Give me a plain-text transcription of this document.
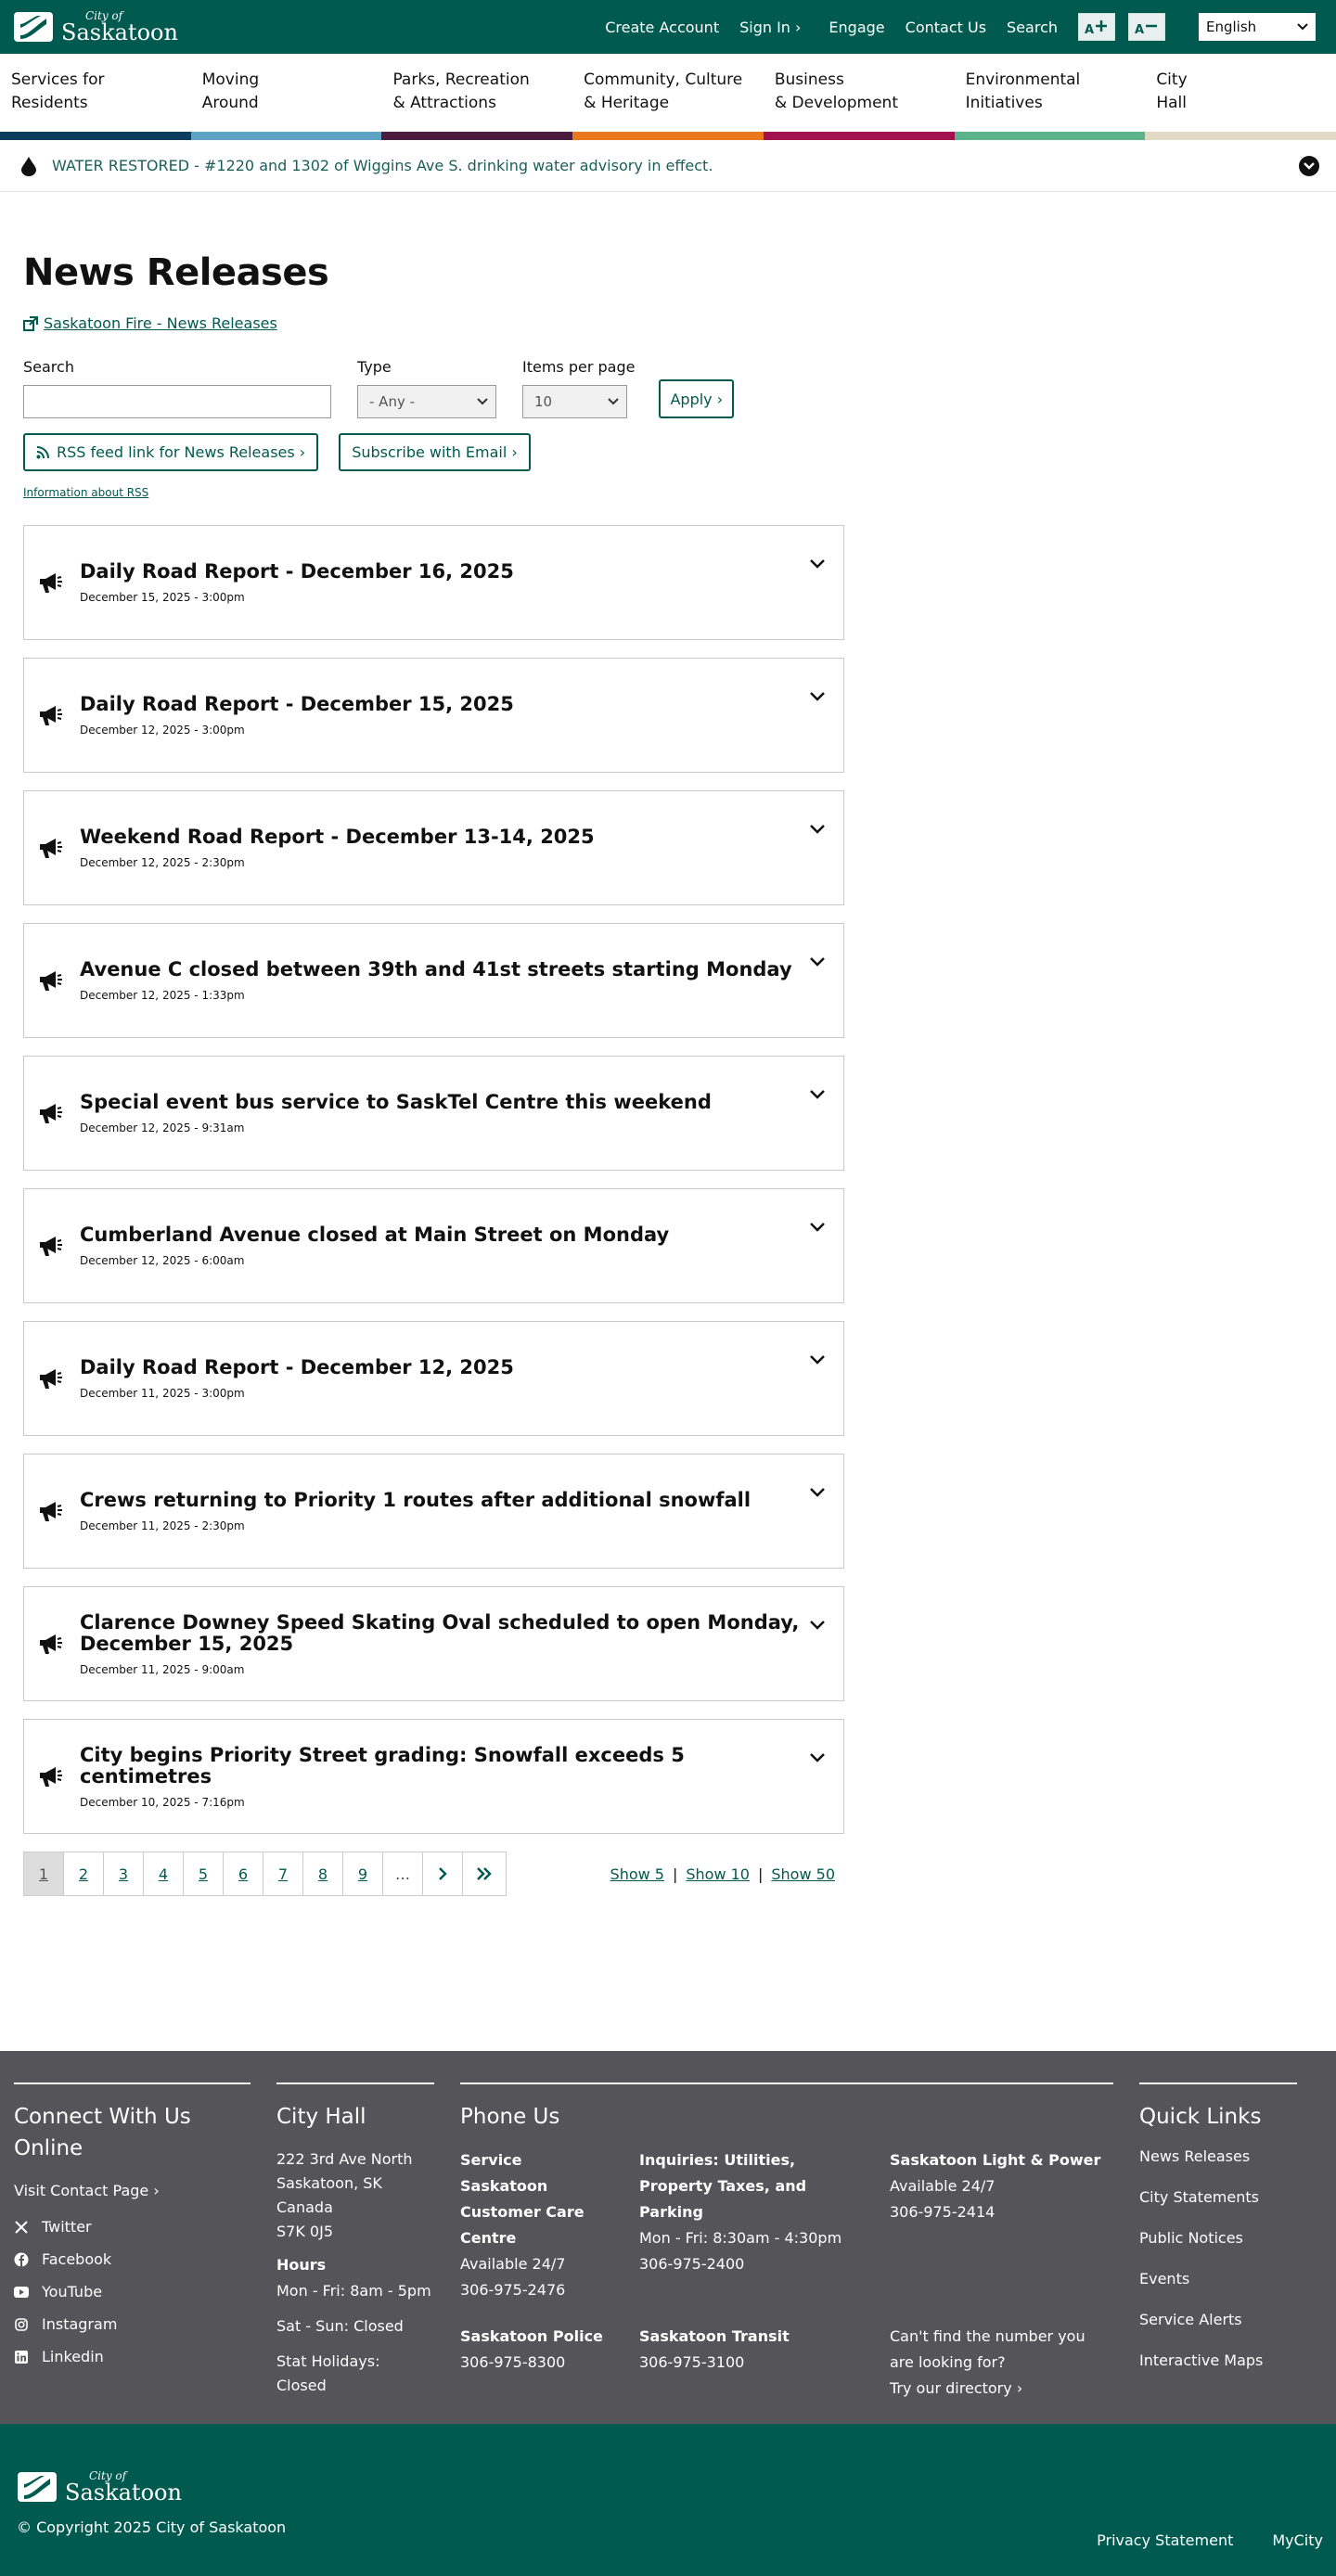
City of
Saskatoon	Create Account Sign In › Engage Contact Us Search A	A	English
Services for
Residents
Moving
Around
Parks, Recreation
& Attractions
Community, Culture
& Heritage
Business
& Development
Environmental
Initiatives
City
Hall
WATER RESTORED - #1220 and 1302 of Wiggins Ave S. drinking water advisory in effect.
News Releases
Saskatoon Fire - News Releases
Search	Type
- Any -
Items per page
10	Apply ›
RSS feed link for News Releases ›	Subscribe with Email ›
Information about RSS
Daily Road Report - December 16, 2025
December 15, 2025 - 3:00pm
Daily Road Report - December 15, 2025
December 12, 2025 - 3:00pm
Weekend Road Report - December 13-14, 2025
December 12, 2025 - 2:30pm
Avenue C closed between 39th and 41st streets starting Monday
December 12, 2025 - 1:33pm
Special event bus service to SaskTel Centre this weekend
December 12, 2025 - 9:31am
Cumberland Avenue closed at Main Street on Monday
December 12, 2025 - 6:00am
Daily Road Report - December 12, 2025
December 11, 2025 - 3:00pm
Crews returning to Priority 1 routes after additional snowfall
December 11, 2025 - 2:30pm
Clarence Downey Speed Skating Oval scheduled to open Monday, December 15, 2025
December 11, 2025 - 9:00am
City begins Priority Street grading: Snowfall exceeds 5 centimetres
December 10, 2025 - 7:16pm
1	2	3	4	5	6	7	8	9	…	Show 5 | Show 10 | Show 50
Connect With Us Online

Visit Contact Page ›

Twitter
Facebook
YouTube
Instagram
Linkedin
City Hall

222 3rd Ave North

Saskatoon, SK

Canada

S7K 0J5

Hours

Mon - Fri: 8am - 5pm

Sat - Sun: Closed

Stat Holidays: Closed

Phone Us
Service Saskatoon Customer Care Centre
Available 24/7
306-975-2476
Inquiries: Utilities, Property Taxes, and Parking
Mon - Fri: 8:30am - 4:30pm
306-975-2400
Saskatoon Light & Power
Available 24/7
306-975-2414
Saskatoon Police
306-975-8300
Saskatoon Transit
306-975-3100
Can't find the number you are looking for?
Try our directory ›
Quick Links
News Releases
City Statements
Public Notices
Events
Service Alerts
Interactive Maps
City of
Saskatoon
© Copyright 2025 City of Saskatoon
Privacy Statement	MyCity
